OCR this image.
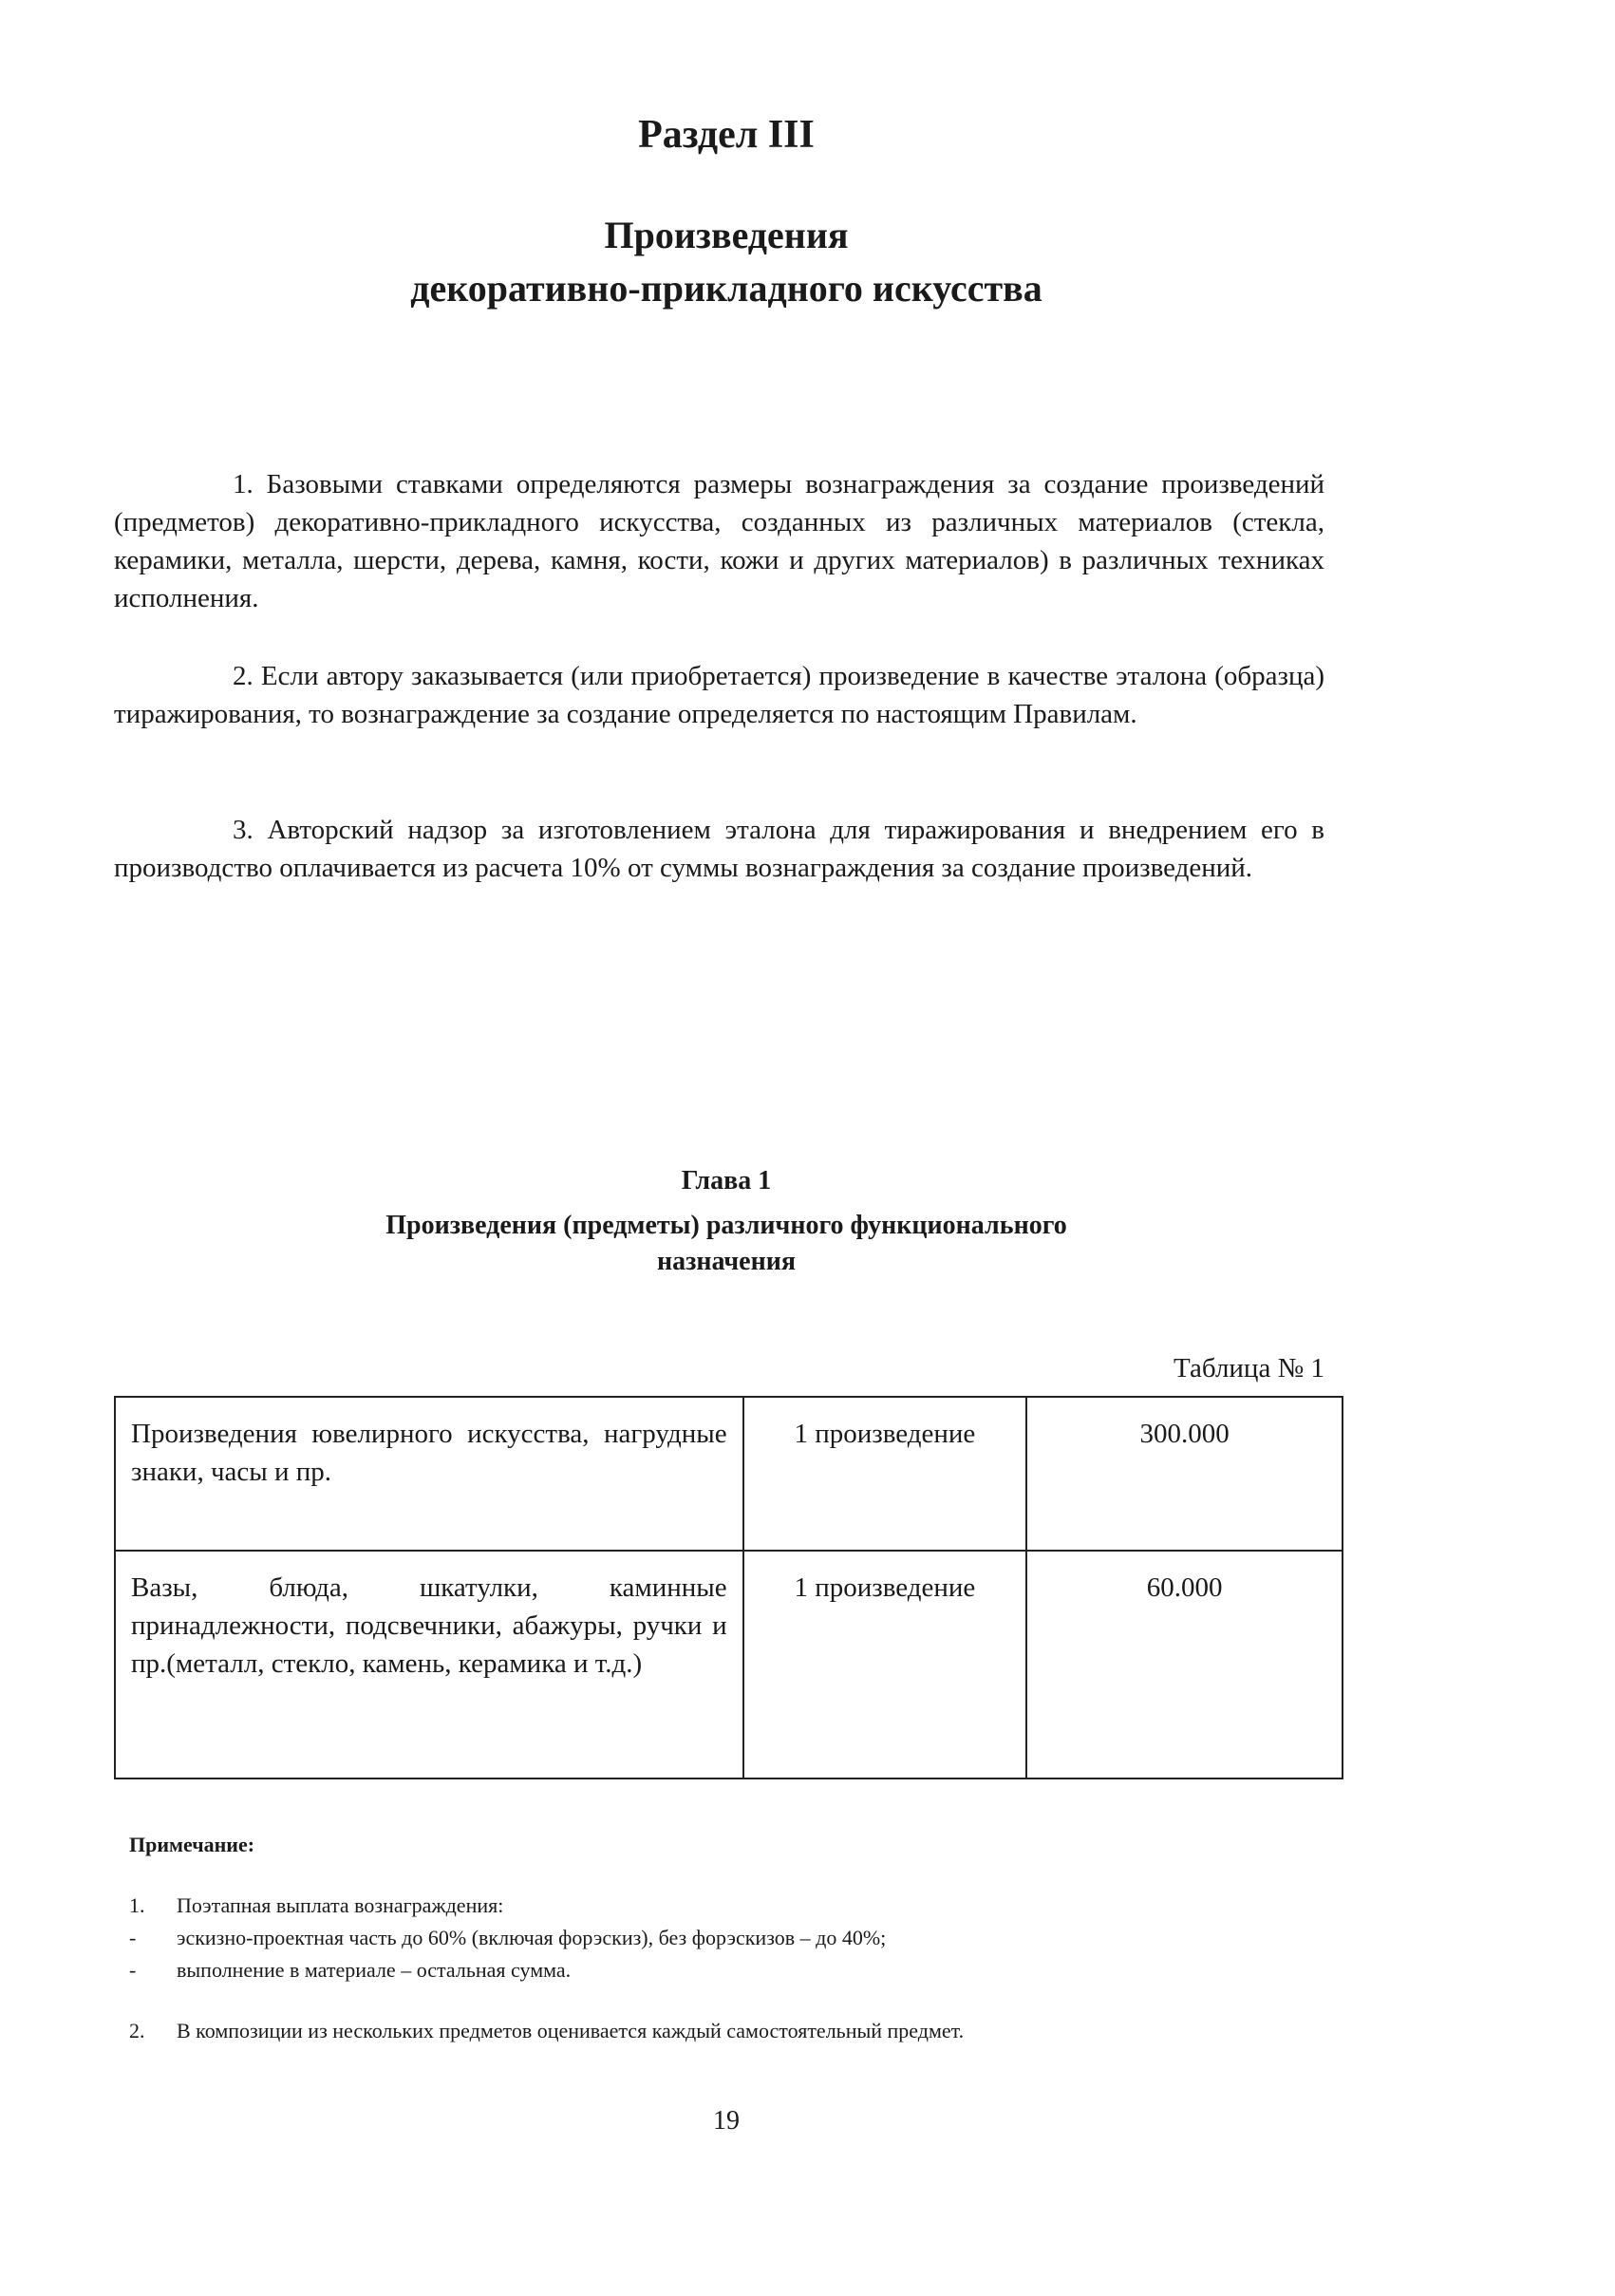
Раздел III
Произведения
декоративно-прикладного искусства

1. Базовыми ставками определяются размеры вознаграждения за создание произведений (предметов) декоративно-прикладного искусства, созданных из различных материалов (стекла, керамики, металла, шерсти, дерева, камня, кости, кожи и других материалов) в различных техниках исполнения.

2. Если автору заказывается (или приобретается) произведение в качестве эталона (образца) тиражирования, то вознаграждение за создание определяется по настоящим Правилам.

3. Авторский надзор за изготовлением эталона для тиражирования и внедрением его в производство оплачивается из расчета 10% от суммы вознаграждения за создание произведений.

Глава 1
Произведения (предметы) различного функционального
назначения
Таблица № 1
Произведения ювелирного искусства, нагрудные знаки, часы и пр.	1 произведение	300.000
Вазы, блюда, шкатулки, каминные принадлежности, подсвечники, абажуры, ручки и пр.(металл, стекло, камень, керамика и т.д.)	1 произведение	60.000
Примечание:
1.	Поэтапная выплата вознаграждения:
-	эскизно-проектная часть до 60% (включая форэскиз), без форэскизов – до 40%;
-	выполнение в материале – остальная сумма.
2.	В композиции из нескольких предметов оценивается каждый самостоятельный предмет.
19
